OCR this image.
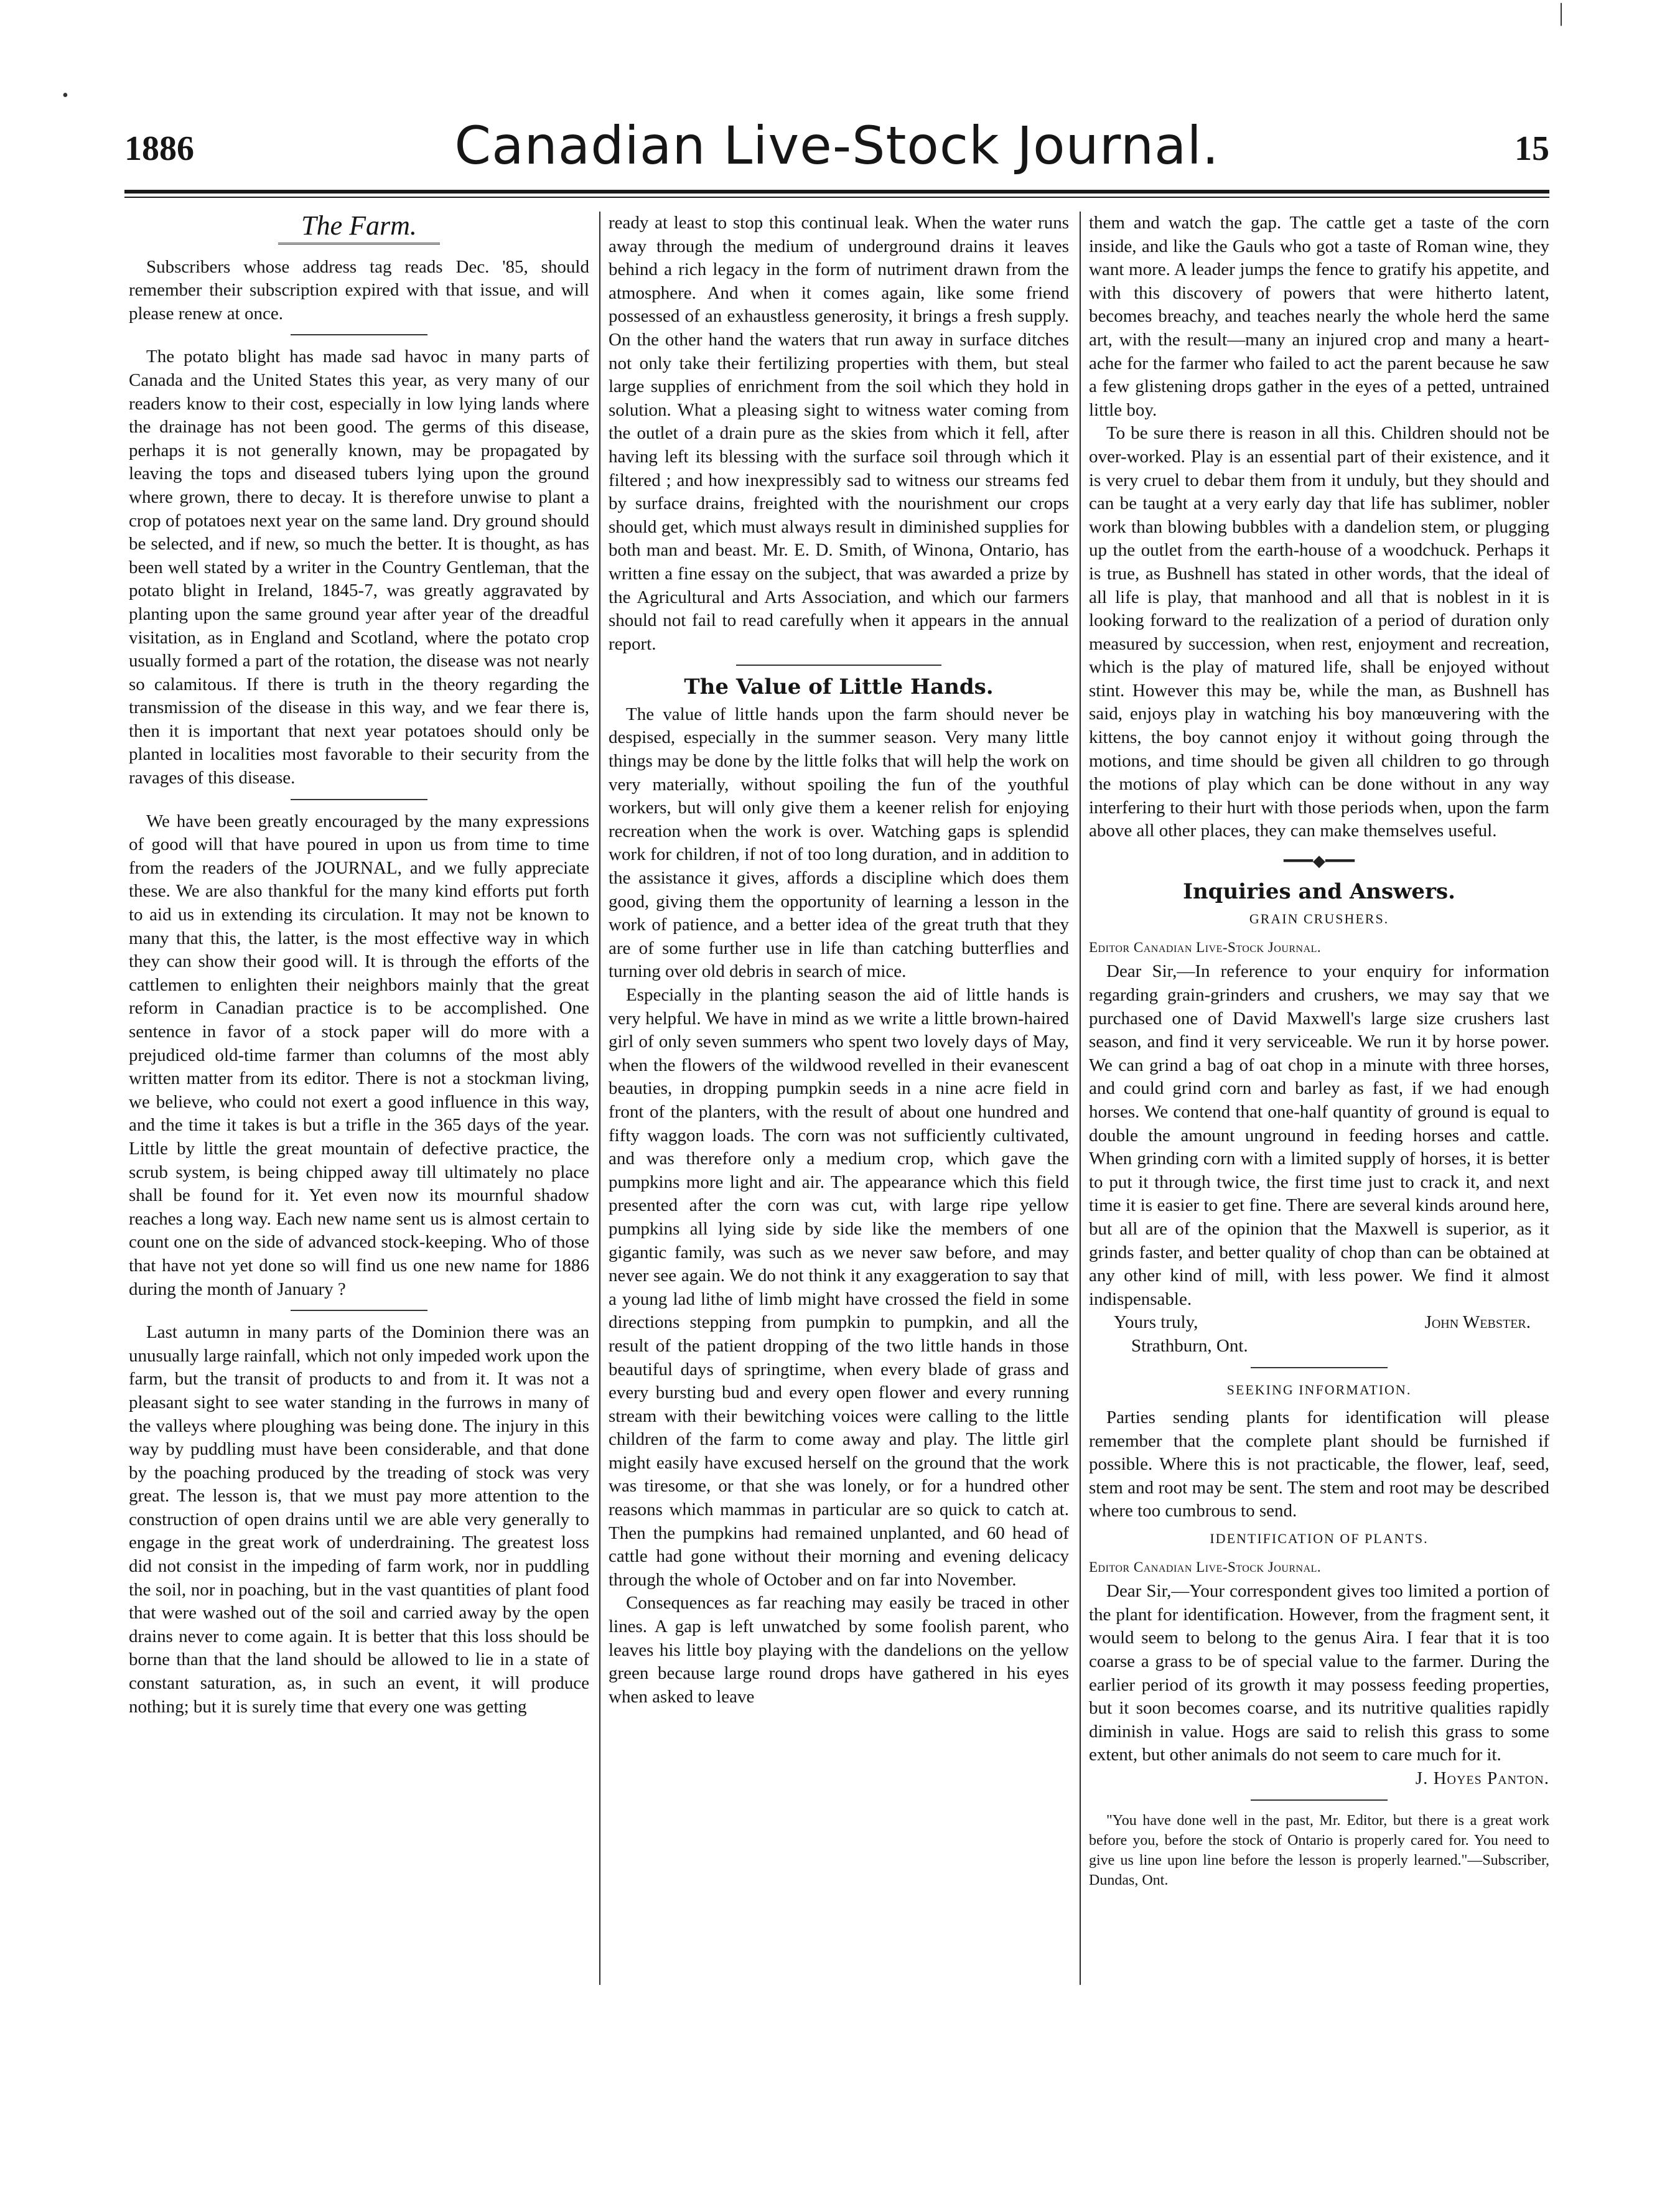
|
•
1886	Canadian Live-Stock Journal.	15
The Farm.

Subscribers whose address tag reads Dec. '85, should remember their subscription expired with that issue, and will please renew at once.

The potato blight has made sad havoc in many parts of Canada and the United States this year, as very many of our readers know to their cost, especially in low lying lands where the drainage has not been good. The germs of this disease, perhaps it is not generally known, may be propagated by leaving the tops and diseased tubers lying upon the ground where grown, there to decay. It is therefore unwise to plant a crop of potatoes next year on the same land. Dry ground should be selected, and if new, so much the better. It is thought, as has been well stated by a writer in the Country Gentleman, that the potato blight in Ireland, 1845-7, was greatly aggravated by planting upon the same ground year after year of the dreadful visitation, as in England and Scotland, where the potato crop usually formed a part of the rotation, the disease was not nearly so calamitous. If there is truth in the theory regarding the transmission of the disease in this way, and we fear there is, then it is important that next year potatoes should only be planted in localities most favorable to their security from the ravages of this disease.

We have been greatly encouraged by the many expressions of good will that have poured in upon us from time to time from the readers of the JOURNAL, and we fully appreciate these. We are also thankful for the many kind efforts put forth to aid us in extending its circulation. It may not be known to many that this, the latter, is the most effective way in which they can show their good will. It is through the efforts of the cattlemen to enlighten their neighbors mainly that the great reform in Canadian practice is to be accomplished. One sentence in favor of a stock paper will do more with a prejudiced old-time farmer than columns of the most ably written matter from its editor. There is not a stockman living, we believe, who could not exert a good influence in this way, and the time it takes is but a trifle in the 365 days of the year. Little by little the great mountain of defective practice, the scrub system, is being chipped away till ultimately no place shall be found for it. Yet even now its mournful shadow reaches a long way. Each new name sent us is almost certain to count one on the side of advanced stock-keeping. Who of those that have not yet done so will find us one new name for 1886 during the month of January ?

Last autumn in many parts of the Dominion there was an unusually large rainfall, which not only impeded work upon the farm, but the transit of products to and from it. It was not a pleasant sight to see water standing in the furrows in many of the valleys where ploughing was being done. The injury in this way by puddling must have been considerable, and that done by the poaching produced by the treading of stock was very great. The lesson is, that we must pay more attention to the construction of open drains until we are able very generally to engage in the great work of underdraining. The greatest loss did not consist in the impeding of farm work, nor in puddling the soil, nor in poaching, but in the vast quantities of plant food that were washed out of the soil and carried away by the open drains never to come again. It is better that this loss should be borne than that the land should be allowed to lie in a state of constant saturation, as, in such an event, it will produce nothing; but it is surely time that every one was getting

ready at least to stop this continual leak. When the water runs away through the medium of underground drains it leaves behind a rich legacy in the form of nutriment drawn from the atmosphere. And when it comes again, like some friend possessed of an exhaustless generosity, it brings a fresh supply. On the other hand the waters that run away in surface ditches not only take their fertilizing properties with them, but steal large supplies of enrichment from the soil which they hold in solution. What a pleasing sight to witness water coming from the outlet of a drain pure as the skies from which it fell, after having left its blessing with the surface soil through which it filtered ; and how inexpressibly sad to witness our streams fed by surface drains, freighted with the nourishment our crops should get, which must always result in diminished supplies for both man and beast. Mr. E. D. Smith, of Winona, Ontario, has written a fine essay on the subject, that was awarded a prize by the Agricultural and Arts Association, and which our farmers should not fail to read carefully when it appears in the annual report.

The Value of Little Hands.

The value of little hands upon the farm should never be despised, especially in the summer season. Very many little things may be done by the little folks that will help the work on very materially, without spoiling the fun of the youthful workers, but will only give them a keener relish for enjoying recreation when the work is over. Watching gaps is splendid work for children, if not of too long duration, and in addition to the assistance it gives, affords a discipline which does them good, giving them the opportunity of learning a lesson in the work of patience, and a better idea of the great truth that they are of some further use in life than catching butterflies and turning over old debris in search of mice.

Especially in the planting season the aid of little hands is very helpful. We have in mind as we write a little brown-haired girl of only seven summers who spent two lovely days of May, when the flowers of the wildwood revelled in their evanescent beauties, in dropping pumpkin seeds in a nine acre field in front of the planters, with the result of about one hundred and fifty waggon loads. The corn was not sufficiently cultivated, and was therefore only a medium crop, which gave the pumpkins more light and air. The appearance which this field presented after the corn was cut, with large ripe yellow pumpkins all lying side by side like the members of one gigantic family, was such as we never saw before, and may never see again. We do not think it any exaggeration to say that a young lad lithe of limb might have crossed the field in some directions stepping from pumpkin to pumpkin, and all the result of the patient dropping of the two little hands in those beautiful days of springtime, when every blade of grass and every bursting bud and every open flower and every running stream with their bewitching voices were calling to the little children of the farm to come away and play. The little girl might easily have excused herself on the ground that the work was tiresome, or that she was lonely, or for a hundred other reasons which mammas in particular are so quick to catch at. Then the pumpkins had remained unplanted, and 60 head of cattle had gone without their morning and evening delicacy through the whole of October and on far into November.

Consequences as far reaching may easily be traced in other lines. A gap is left unwatched by some foolish parent, who leaves his little boy playing with the dandelions on the yellow green because large round drops have gathered in his eyes when asked to leave

them and watch the gap. The cattle get a taste of the corn inside, and like the Gauls who got a taste of Roman wine, they want more. A leader jumps the fence to gratify his appetite, and with this discovery of powers that were hitherto latent, becomes breachy, and teaches nearly the whole herd the same art, with the result—many an injured crop and many a heart-ache for the farmer who failed to act the parent because he saw a few glistening drops gather in the eyes of a petted, untrained little boy.

To be sure there is reason in all this. Children should not be over-worked. Play is an essential part of their existence, and it is very cruel to debar them from it unduly, but they should and can be taught at a very early day that life has sublimer, nobler work than blowing bubbles with a dandelion stem, or plugging up the outlet from the earth-house of a woodchuck. Perhaps it is true, as Bushnell has stated in other words, that the ideal of all life is play, that manhood and all that is noblest in it is looking forward to the realization of a period of duration only measured by succession, when rest, enjoyment and recreation, which is the play of matured life, shall be enjoyed without stint. However this may be, while the man, as Bushnell has said, enjoys play in watching his boy manœuvering with the kittens, the boy cannot enjoy it without going through the motions, and time should be given all children to go through the motions of play which can be done without in any way interfering to their hurt with those periods when, upon the farm above all other places, they can make themselves useful.

━━━◆━━━
Inquiries and Answers.
GRAIN CRUSHERS.
Editor Canadian Live-Stock Journal.

Dear Sir,—In reference to your enquiry for information regarding grain-grinders and crushers, we may say that we purchased one of David Maxwell's large size crushers last season, and find it very serviceable. We run it by horse power. We can grind a bag of oat chop in a minute with three horses, and could grind corn and barley as fast, if we had enough horses. We contend that one-half quantity of ground is equal to double the amount unground in feeding horses and cattle. When grinding corn with a limited supply of horses, it is better to put it through twice, the first time just to crack it, and next time it is easier to get fine. There are several kinds around here, but all are of the opinion that the Maxwell is superior, as it grinds faster, and better quality of chop than can be obtained at any other kind of mill, with less power. We find it almost indispensable.

Yours truly,	John Webster.

Strathburn, Ont.

SEEKING INFORMATION.

Parties sending plants for identification will please remember that the complete plant should be furnished if possible. Where this is not practicable, the flower, leaf, seed, stem and root may be sent. The stem and root may be described where too cumbrous to send.

IDENTIFICATION OF PLANTS.
Editor Canadian Live-Stock Journal.

Dear Sir,—Your correspondent gives too limited a portion of the plant for identification. However, from the fragment sent, it would seem to belong to the genus Aira. I fear that it is too coarse a grass to be of special value to the farmer. During the earlier period of its growth it may possess feeding properties, but it soon becomes coarse, and its nutritive qualities rapidly diminish in value. Hogs are said to relish this grass to some extent, but other animals do not seem to care much for it.

J. Hoyes Panton.

"You have done well in the past, Mr. Editor, but there is a great work before you, before the stock of Ontario is properly cared for. You need to give us line upon line before the lesson is properly learned."—Subscriber, Dundas, Ont.
